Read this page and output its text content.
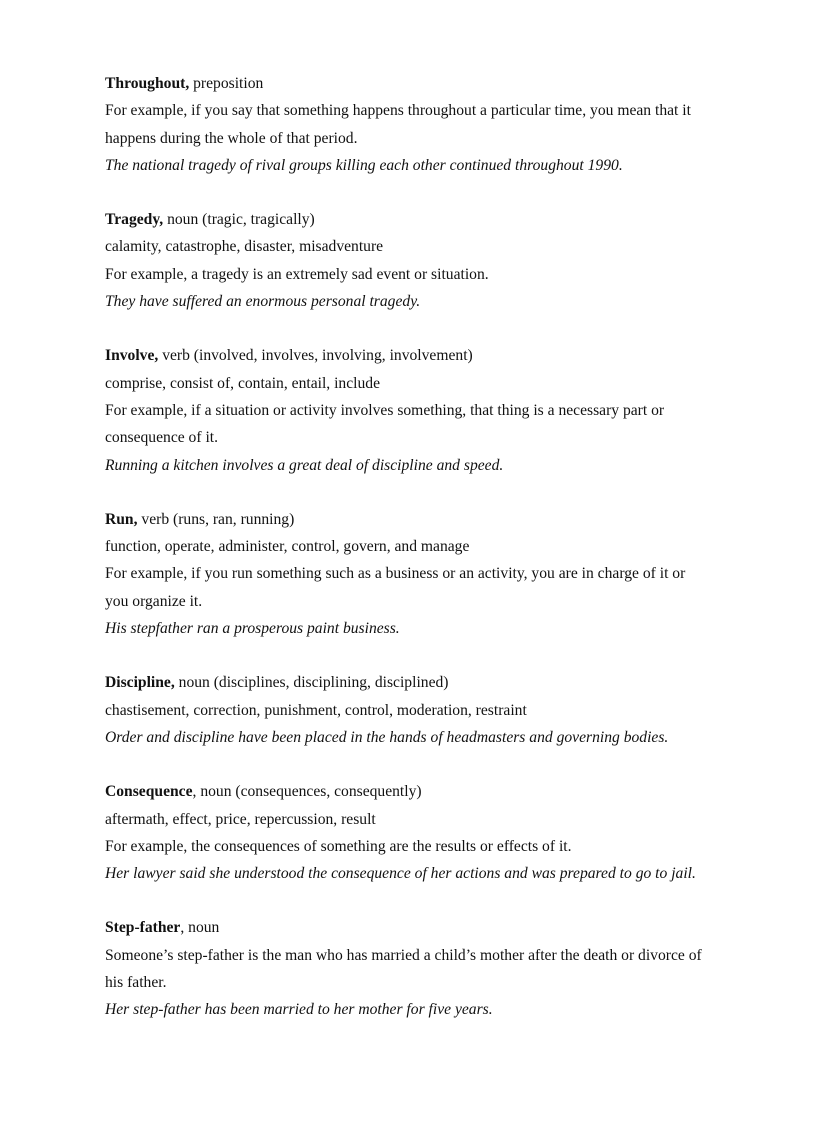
Throughout, preposition
For example, if you say that something happens throughout a particular time, you mean that it happens during the whole of that period.
The national tragedy of rival groups killing each other continued throughout 1990.
Tragedy, noun (tragic, tragically)
calamity, catastrophe, disaster, misadventure
For example, a tragedy is an extremely sad event or situation.
They have suffered an enormous personal tragedy.
Involve, verb (involved, involves, involving, involvement)
comprise, consist of, contain, entail, include
For example, if a situation or activity involves something, that thing is a necessary part or consequence of it.
Running a kitchen involves a great deal of discipline and speed.
Run, verb (runs, ran, running)
function, operate, administer, control, govern, and manage
For example, if you run something such as a business or an activity, you are in charge of it or you organize it.
His stepfather ran a prosperous paint business.
Discipline, noun (disciplines, disciplining, disciplined)
chastisement, correction, punishment, control, moderation, restraint
Order and discipline have been placed in the hands of headmasters and governing bodies.
Consequence, noun (consequences, consequently)
aftermath, effect, price, repercussion, result
For example, the consequences of something are the results or effects of it.
Her lawyer said she understood the consequence of her actions and was prepared to go to jail.
Step-father, noun
Someone’s step-father is the man who has married a child’s mother after the death or divorce of his father.
Her step-father has been married to her mother for five years.
